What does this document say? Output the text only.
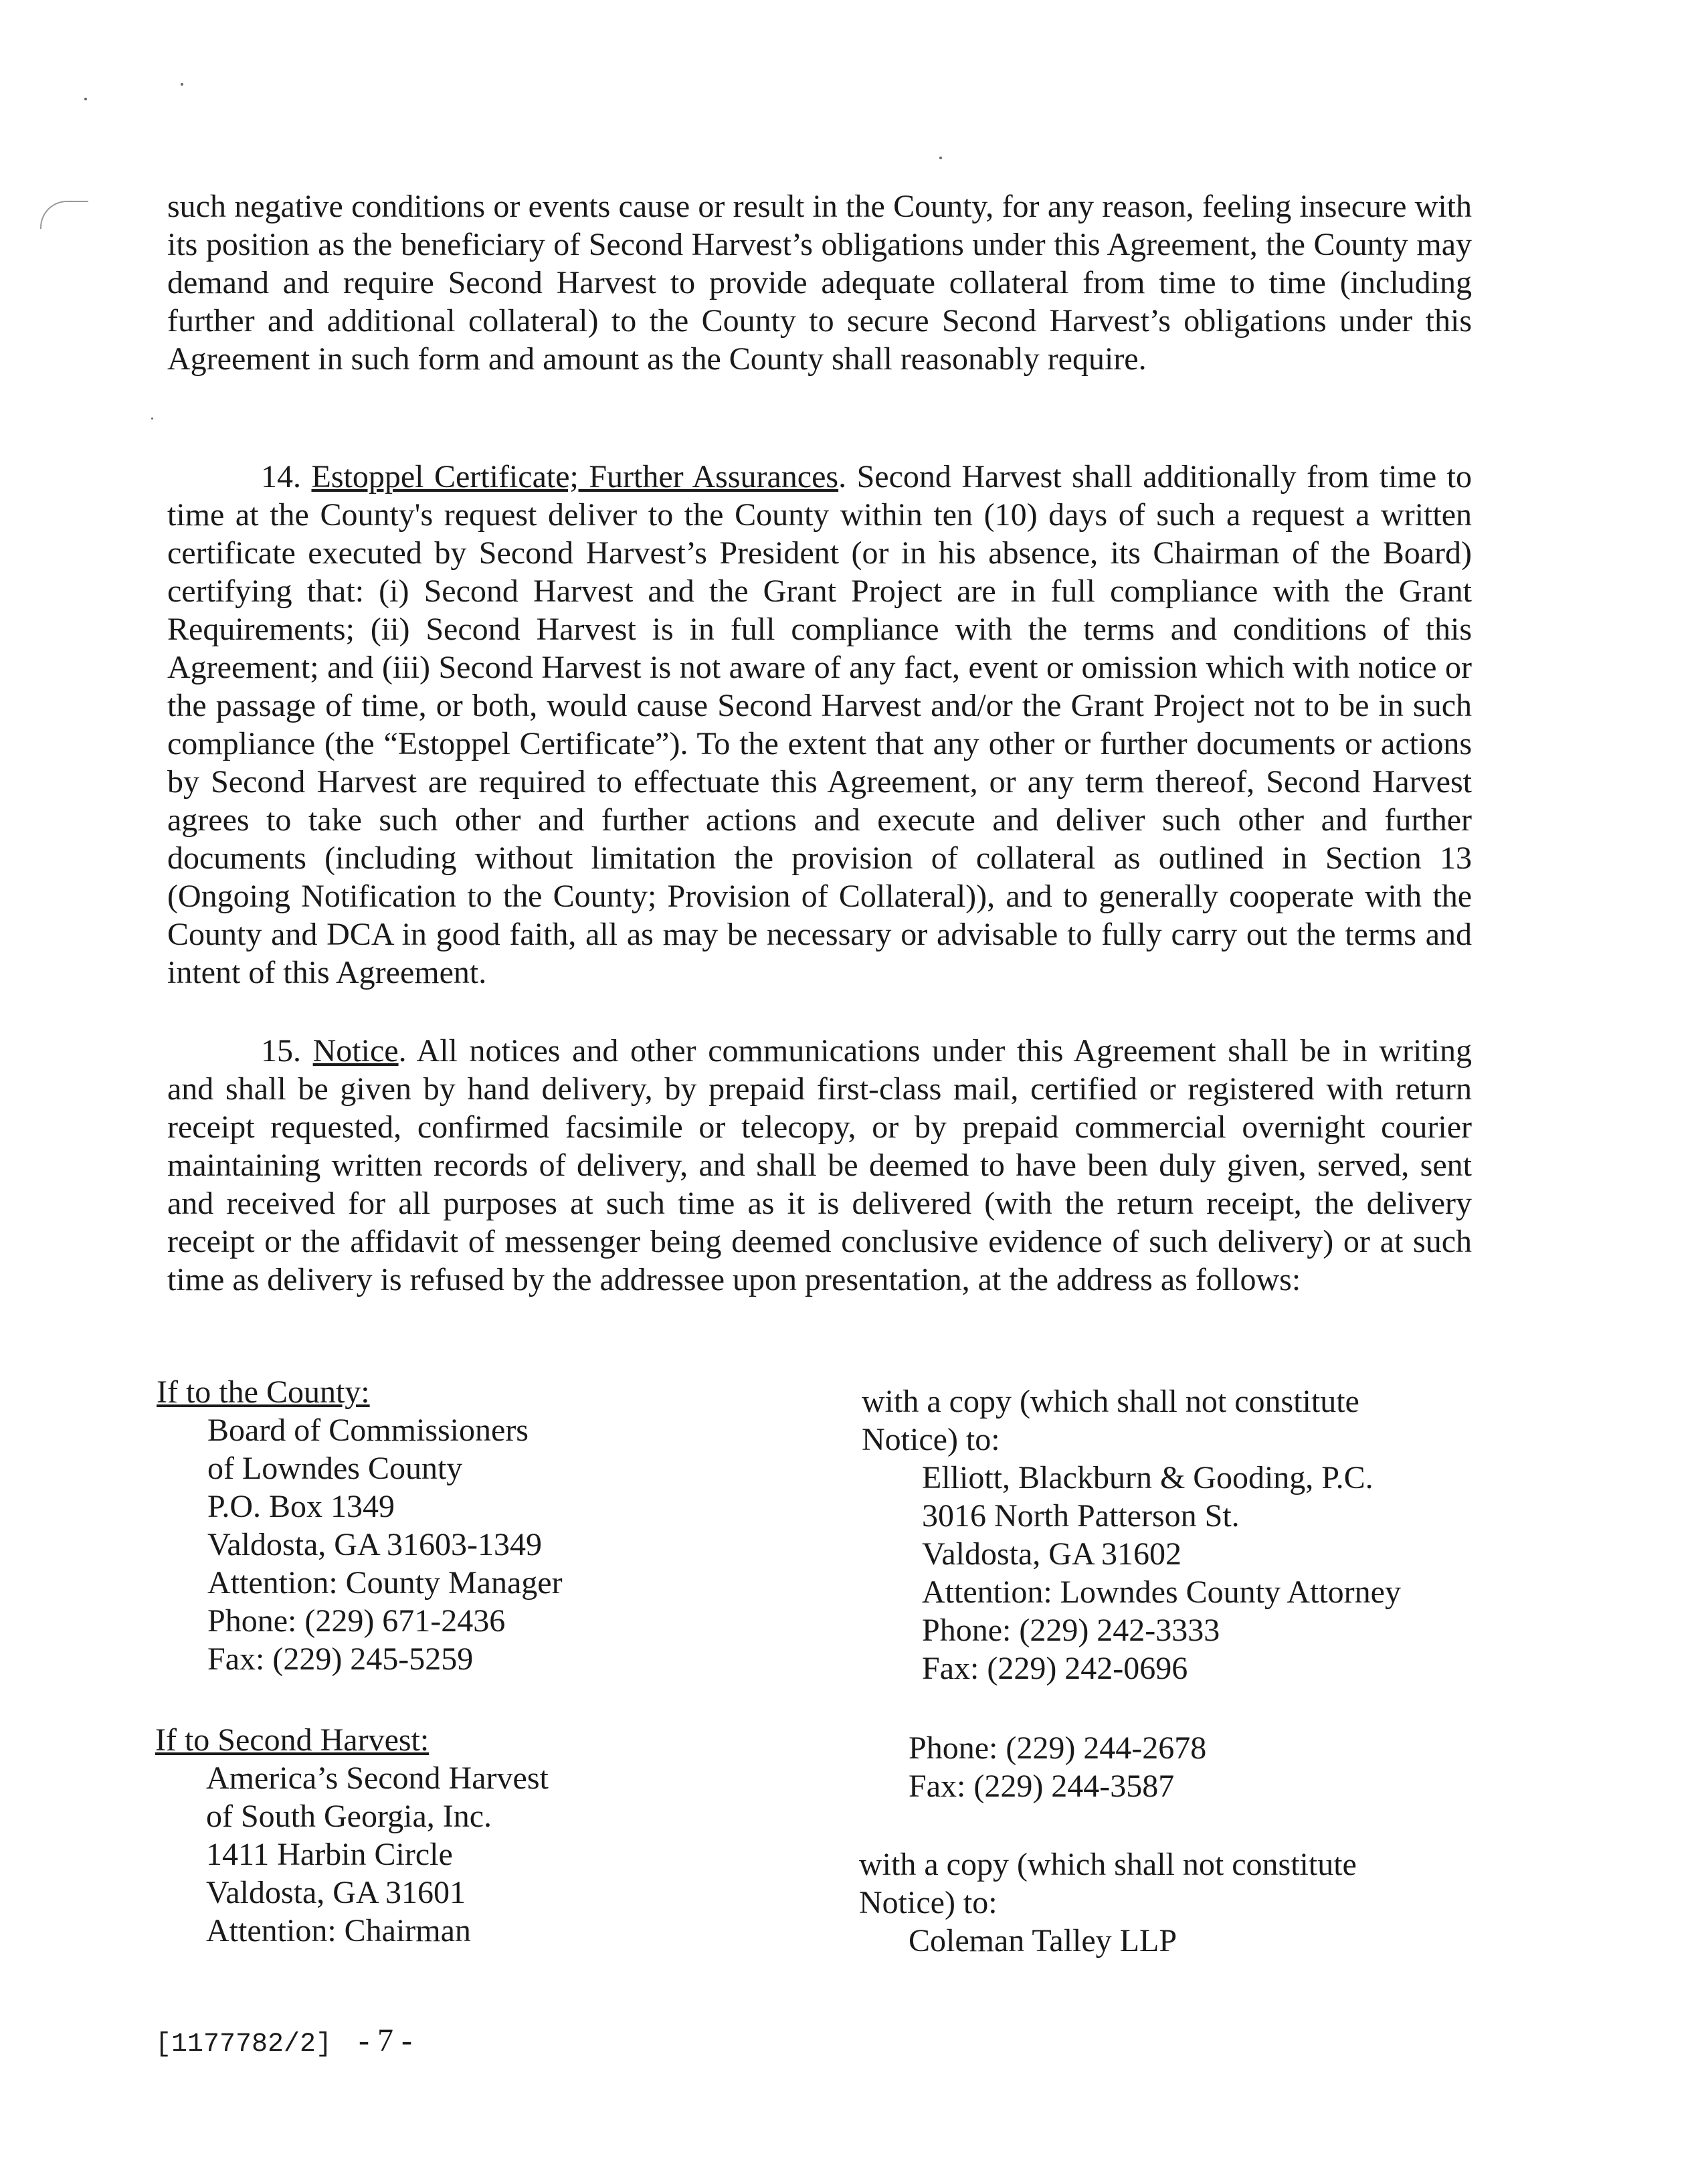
such negative conditions or events cause or result in the County, for any reason, feeling insecure with its position as the beneficiary of Second Harvest’s obligations under this Agreement, the County may demand and require Second Harvest to provide adequate collateral from time to time (including further and additional collateral) to the County to secure Second Harvest’s obligations under this Agreement in such form and amount as the County shall reasonably require.

14. Estoppel Certificate; Further Assurances. Second Harvest shall additionally from time to time at the County's request deliver to the County within ten (10) days of such a request a written certificate executed by Second Harvest’s President (or in his absence, its Chairman of the Board) certifying that: (i) Second Harvest and the Grant Project are in full compliance with the Grant Requirements; (ii) Second Harvest is in full compliance with the terms and conditions of this Agreement; and (iii) Second Harvest is not aware of any fact, event or omission which with notice or the passage of time, or both, would cause Second Harvest and/or the Grant Project not to be in such compliance (the “Estoppel Certificate”). To the extent that any other or further documents or actions by Second Harvest are required to effectuate this Agreement, or any term thereof, Second Harvest agrees to take such other and further actions and execute and deliver such other and further documents (including without limitation the provision of collateral as outlined in Section 13 (Ongoing Notification to the County; Provision of Collateral)), and to generally cooperate with the County and DCA in good faith, all as may be necessary or advisable to fully carry out the terms and intent of this Agreement.

15. Notice. All notices and other communications under this Agreement shall be in writing and shall be given by hand delivery, by prepaid first-class mail, certified or registered with return receipt requested, confirmed facsimile or telecopy, or by prepaid commercial overnight courier maintaining written records of delivery, and shall be deemed to have been duly given, served, sent and received for all purposes at such time as it is delivered (with the return receipt, the delivery receipt or the affidavit of messenger being deemed conclusive evidence of such delivery) or at such time as delivery is refused by the addressee upon presentation, at the address as follows:

If to the County:
Board of Commissioners
of Lowndes County
P.O. Box 1349
Valdosta, GA 31603-1349
Attention: County Manager
Phone: (229) 671-2436
Fax: (229) 245-5259
with a copy (which shall not constitute
Notice) to:
Elliott, Blackburn & Gooding, P.C.
3016 North Patterson St.
Valdosta, GA 31602
Attention: Lowndes County Attorney
Phone: (229) 242-3333
Fax: (229) 242-0696
If to Second Harvest:
America’s Second Harvest
of South Georgia, Inc.
1411 Harbin Circle
Valdosta, GA 31601
Attention: Chairman
Phone: (229) 244-2678
Fax: (229) 244-3587
with a copy (which shall not constitute
Notice) to:
Coleman Talley LLP
[1177782/2] - 7 -
